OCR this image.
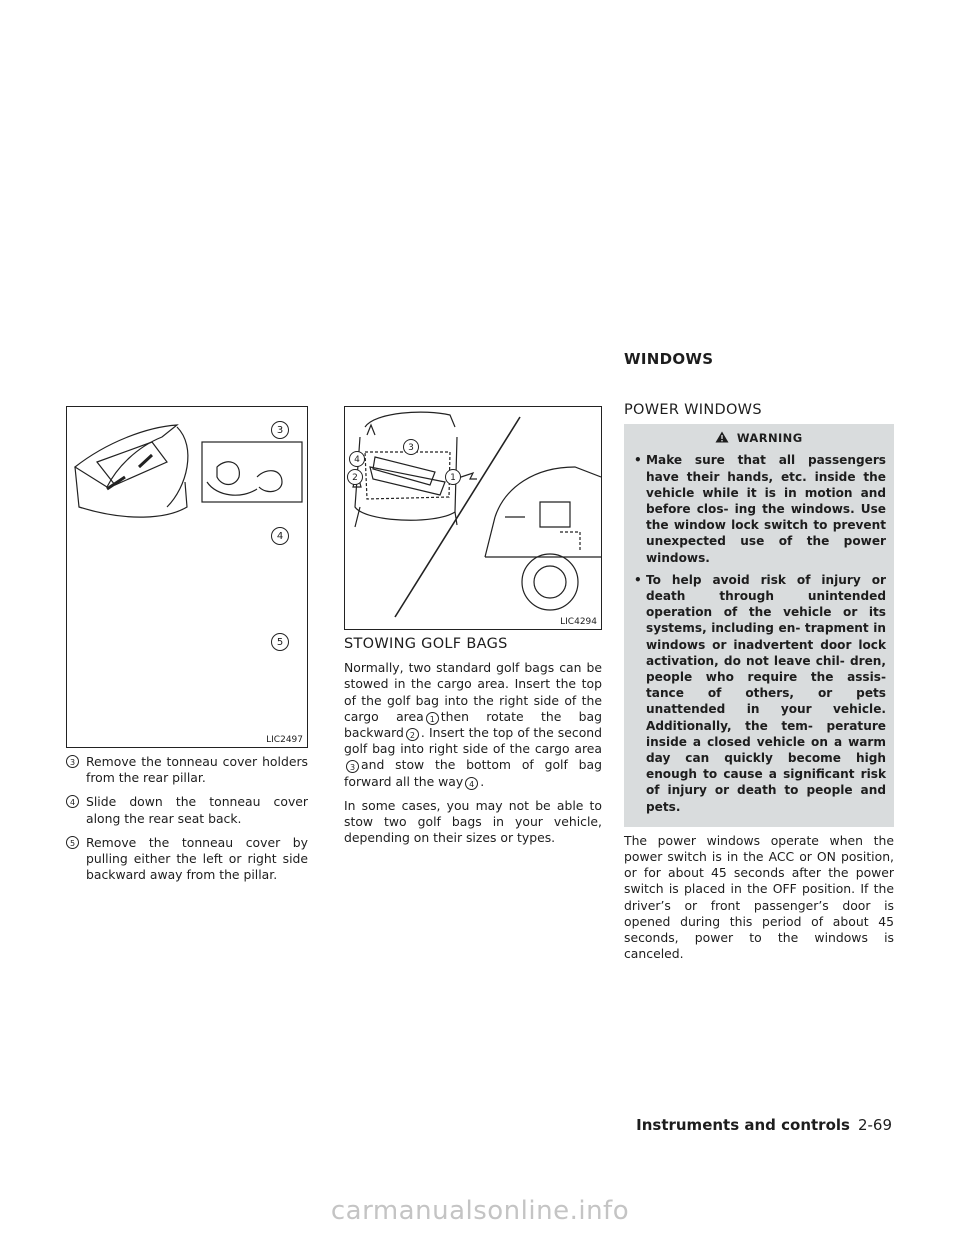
WINDOWS
3
4
5
LIC2497
1
2
3
4
LIC4294
3 Remove the tonneau cover holders from the rear pillar.
4 Slide down the tonneau cover along the rear seat back.
5 Remove the tonneau cover by pulling either the left or right side backward away from the pillar.
STOWING GOLF BAGS

Normally, two standard golf bags can be stowed in the cargo area. Insert the top of the golf bag into the right side of the cargo area 1 then rotate the bag backward 2 . Insert the top of the second golf bag into right side of the cargo area3 and stow the bottom of golf bag forward all the way 4 .

In some cases, you may not be able to stow two golf bags in your vehicle, depending on their sizes or types.

POWER WINDOWS
WARNING
• Make sure that all passengers have their hands, etc. inside the vehicle while it is in motion and before clos- ing the windows. Use the window lock switch to prevent unexpected use of the power windows.
• To help avoid risk of injury or death through unintended operation of the vehicle or its systems, including en- trapment in windows or inadvertent door lock activation, do not leave chil- dren, people who require the assis- tance of others, or pets unattended in your vehicle. Additionally, the tem- perature inside a closed vehicle on a warm day can quickly become high enough to cause a significant risk of injury or death to people and pets.

The power windows operate when the power switch is in the ACC or ON position, or for about 45 seconds after the power switch is placed in the OFF position. If the driver’s or front passenger’s door is opened during this period of about 45 seconds, power to the windows is canceled.

Instruments and controls 2-69
carmanualsonline.info
